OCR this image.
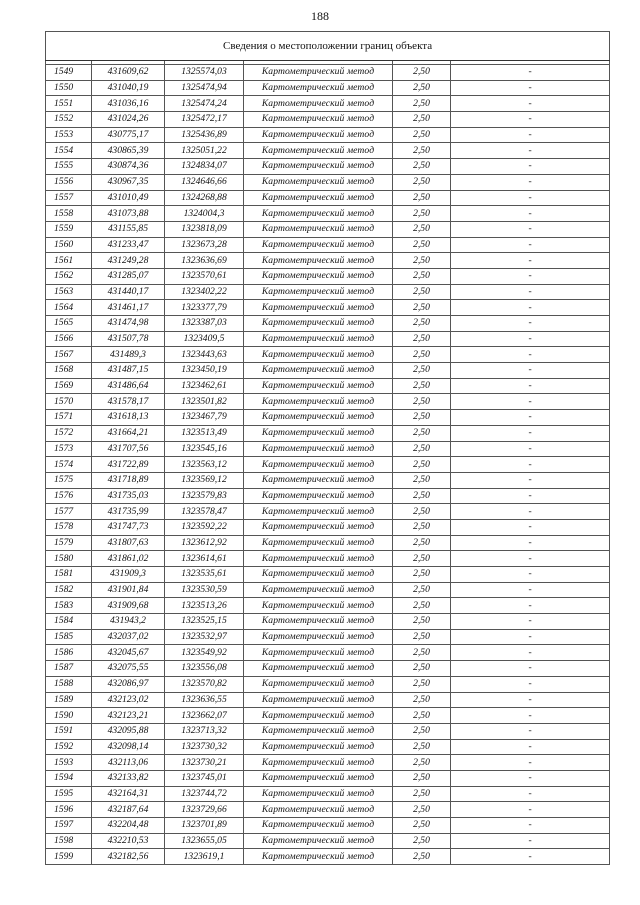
188
Сведения о местоположении границ объекта					

1549	431609,62	1325574,03	Картометрический метод	2,50	-
1550	431040,19	1325474,94	Картометрический метод	2,50	-
1551	431036,16	1325474,24	Картометрический метод	2,50	-
1552	431024,26	1325472,17	Картометрический метод	2,50	-
1553	430775,17	1325436,89	Картометрический метод	2,50	-
1554	430865,39	1325051,22	Картометрический метод	2,50	-
1555	430874,36	1324834,07	Картометрический метод	2,50	-
1556	430967,35	1324646,66	Картометрический метод	2,50	-
1557	431010,49	1324268,88	Картометрический метод	2,50	-
1558	431073,88	1324004,3	Картометрический метод	2,50	-
1559	431155,85	1323818,09	Картометрический метод	2,50	-
1560	431233,47	1323673,28	Картометрический метод	2,50	-
1561	431249,28	1323636,69	Картометрический метод	2,50	-
1562	431285,07	1323570,61	Картометрический метод	2,50	-
1563	431440,17	1323402,22	Картометрический метод	2,50	-
1564	431461,17	1323377,79	Картометрический метод	2,50	-
1565	431474,98	1323387,03	Картометрический метод	2,50	-
1566	431507,78	1323409,5	Картометрический метод	2,50	-
1567	431489,3	1323443,63	Картометрический метод	2,50	-
1568	431487,15	1323450,19	Картометрический метод	2,50	-
1569	431486,64	1323462,61	Картометрический метод	2,50	-
1570	431578,17	1323501,82	Картометрический метод	2,50	-
1571	431618,13	1323467,79	Картометрический метод	2,50	-
1572	431664,21	1323513,49	Картометрический метод	2,50	-
1573	431707,56	1323545,16	Картометрический метод	2,50	-
1574	431722,89	1323563,12	Картометрический метод	2,50	-
1575	431718,89	1323569,12	Картометрический метод	2,50	-
1576	431735,03	1323579,83	Картометрический метод	2,50	-
1577	431735,99	1323578,47	Картометрический метод	2,50	-
1578	431747,73	1323592,22	Картометрический метод	2,50	-
1579	431807,63	1323612,92	Картометрический метод	2,50	-
1580	431861,02	1323614,61	Картометрический метод	2,50	-
1581	431909,3	1323535,61	Картометрический метод	2,50	-
1582	431901,84	1323530,59	Картометрический метод	2,50	-
1583	431909,68	1323513,26	Картометрический метод	2,50	-
1584	431943,2	1323525,15	Картометрический метод	2,50	-
1585	432037,02	1323532,97	Картометрический метод	2,50	-
1586	432045,67	1323549,92	Картометрический метод	2,50	-
1587	432075,55	1323556,08	Картометрический метод	2,50	-
1588	432086,97	1323570,82	Картометрический метод	2,50	-
1589	432123,02	1323636,55	Картометрический метод	2,50	-
1590	432123,21	1323662,07	Картометрический метод	2,50	-
1591	432095,88	1323713,32	Картометрический метод	2,50	-
1592	432098,14	1323730,32	Картометрический метод	2,50	-
1593	432113,06	1323730,21	Картометрический метод	2,50	-
1594	432133,82	1323745,01	Картометрический метод	2,50	-
1595	432164,31	1323744,72	Картометрический метод	2,50	-
1596	432187,64	1323729,66	Картометрический метод	2,50	-
1597	432204,48	1323701,89	Картометрический метод	2,50	-
1598	432210,53	1323655,05	Картометрический метод	2,50	-
1599	432182,56	1323619,1	Картометрический метод	2,50	-
